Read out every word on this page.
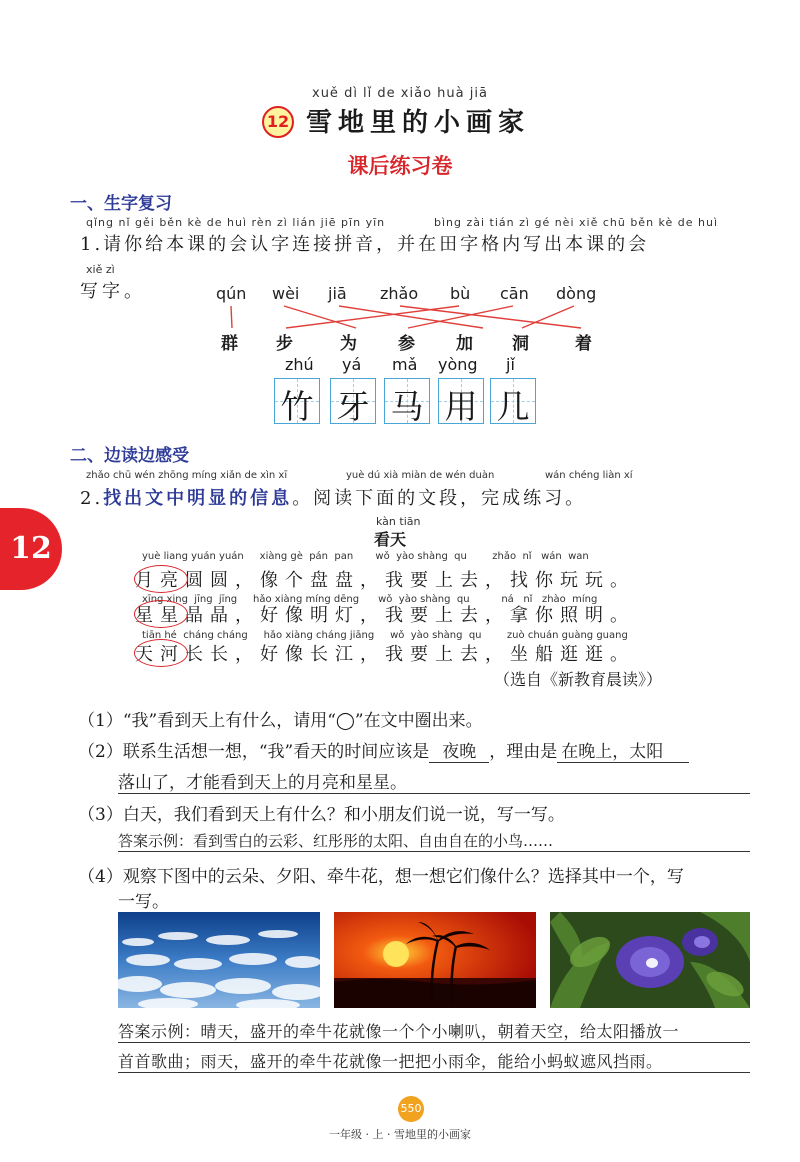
xuě dì lǐ de xiǎo huà jiā
12 雪地里的小画家
课后练习卷
12
一、生字复习
qǐng nǐ gěi běn kè de huì rèn zì lián jiē pīn yīn	bìng zài tián zì gé nèi xiě chū běn kè de huì
1.请你给本课的会认字连接拼音，并在田字格内写出本课的会
xiě zì
写字。	qún wèi jiā zhǎo bù cān dòng
群 步	为 参 加 洞	着
zhú yá mǎ yòng jǐ
竹 牙 马 用 几
二、边读边感受
zhǎo chū wén zhōng míng xiǎn de xìn xī	yuè dú xià miàn de wén duàn	wán chéng liàn xí
2.找出文中明显的信息。阅读下面的文段，完成练习。
kàn tiān
看天
yuè liang yuán yuán     xiàng gè  pán  pan       wǒ  yào shàng  qu        zhǎo  nǐ   wán  wan
月亮圆圆，像个盘盘，我要上去，找你玩玩。
xīng xing  jīng  jīng     hǎo xiàng míng dēng      wǒ  yào shàng  qu          ná   nǐ   zhào  míng
星星晶晶，好像明灯，我要上去，拿你照明。
tiān hé  cháng cháng     hǎo xiàng cháng jiāng     wǒ  yào shàng  qu        zuò chuán guàng guang
天河长长，好像长江，我要上去，坐船逛逛。
（选自《新教育晨读》）
（1）“我”看到天上有什么，请用“◯”在文中圈出来。
（2）联系生活想一想，“我”看天的时间应该是 夜晚 ，理由是 在晚上，太阳
落山了，才能看到天上的月亮和星星。
（3）白天，我们看到天上有什么？和小朋友们说一说，写一写。
答案示例：看到雪白的云彩、红彤彤的太阳、自由自在的小鸟……
（4）观察下图中的云朵、夕阳、牵牛花，想一想它们像什么？选择其中一个，写
一写。
答案示例：晴天，盛开的牵牛花就像一个个小喇叭，朝着天空，给太阳播放一
首首歌曲；雨天，盛开的牵牛花就像一把把小雨伞，能给小蚂蚁遮风挡雨。
550
一年级 · 上 · 雪地里的小画家
